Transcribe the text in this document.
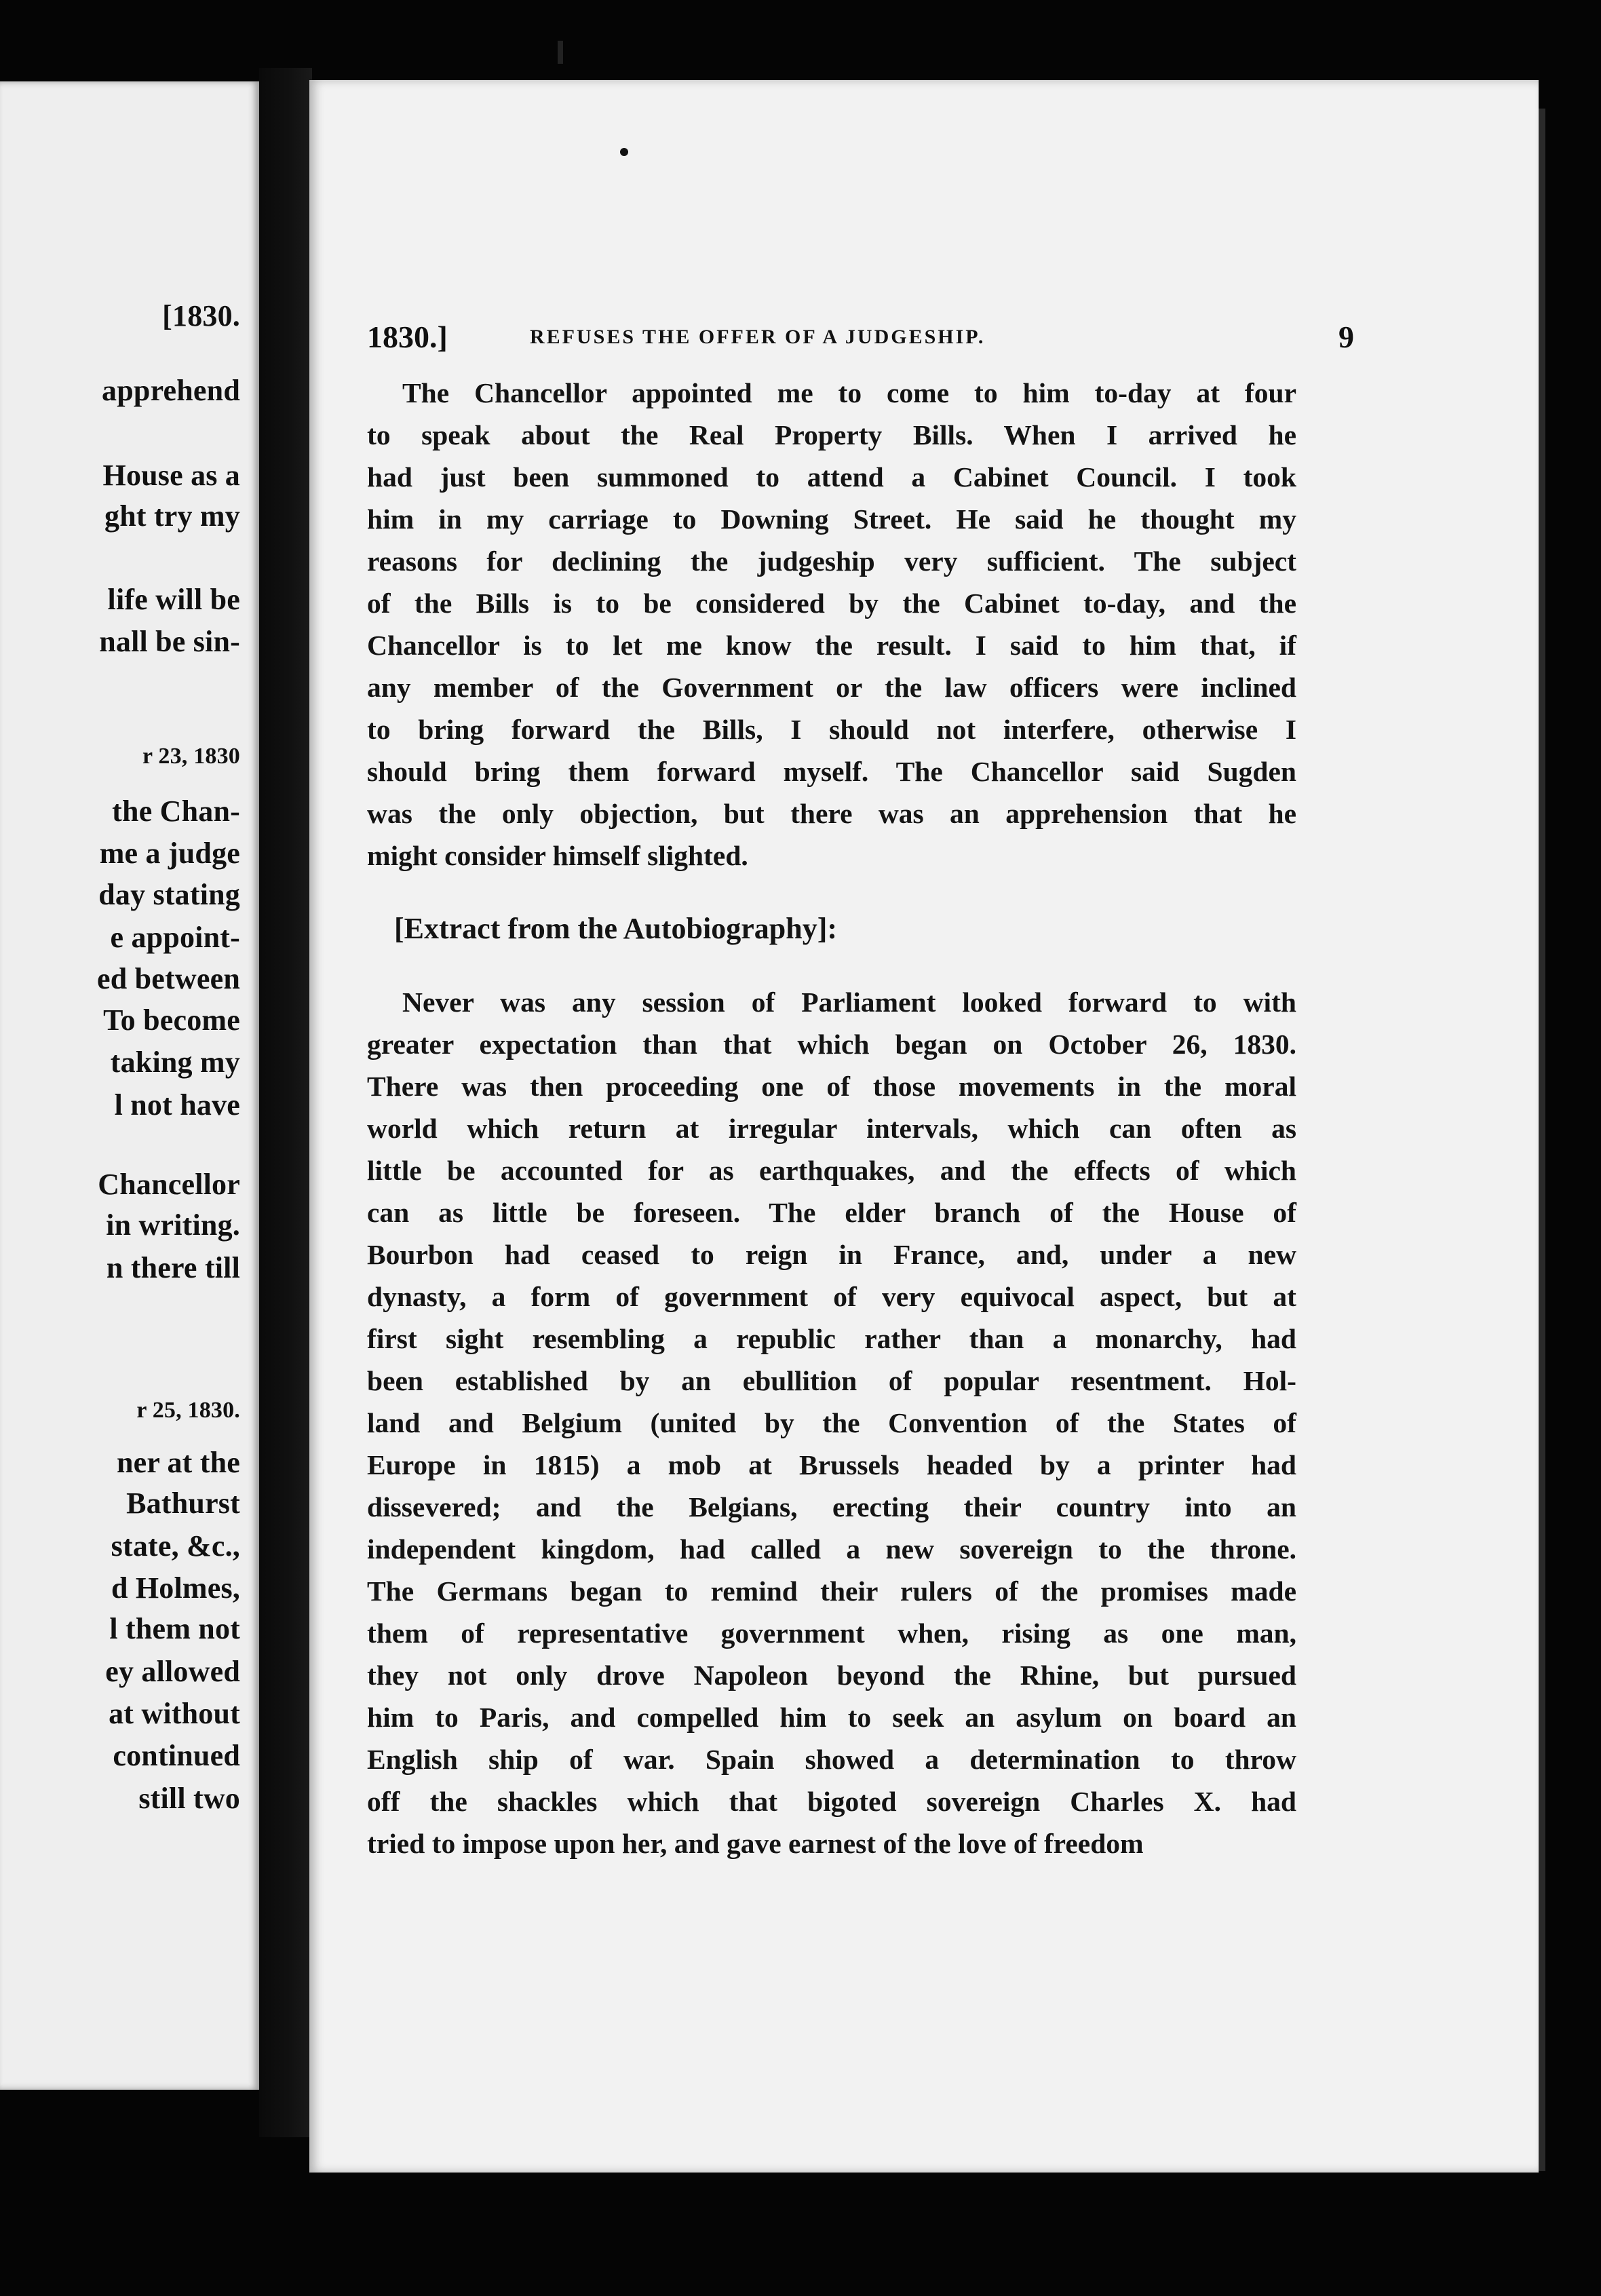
[1830.
apprehend
House as a
ght try my
life will be
nall be sin-
r 23, 1830
the Chan-
me a judge
day stating
e appoint-
ed between
To become
taking my
l not have
Chancellor
in writing.
n there till
r 25, 1830.
ner at the
Bathurst
state, &c.,
d Holmes,
l them not
ey allowed
at without
continued
still two
1830.]	REFUSES THE OFFER OF A JUDGESHIP.	9
The Chancellor appointed me to come to him to-day at four
to speak about the Real Property Bills. When I arrived he
had just been summoned to attend a Cabinet Council. I took
him in my carriage to Downing Street. He said he thought my
reasons for declining the judgeship very sufficient. The subject
of the Bills is to be considered by the Cabinet to-day, and the
Chancellor is to let me know the result. I said to him that, if
any member of the Government or the law officers were inclined
to bring forward the Bills, I should not interfere, otherwise I
should bring them forward myself. The Chancellor said Sugden
was the only objection, but there was an apprehension that he
might consider himself slighted.
[Extract from the Autobiography]:
Never was any session of Parliament looked forward to with
greater expectation than that which began on October 26, 1830.
There was then proceeding one of those movements in the moral
world which return at irregular intervals, which can often as
little be accounted for as earthquakes, and the effects of which
can as little be foreseen. The elder branch of the House of
Bourbon had ceased to reign in France, and, under a new
dynasty, a form of government of very equivocal aspect, but at
first sight resembling a republic rather than a monarchy, had
been established by an ebullition of popular resentment. Hol-
land and Belgium (united by the Convention of the States of
Europe in 1815) a mob at Brussels headed by a printer had
dissevered; and the Belgians, erecting their country into an
independent kingdom, had called a new sovereign to the throne.
The Germans began to remind their rulers of the promises made
them of representative government when, rising as one man,
they not only drove Napoleon beyond the Rhine, but pursued
him to Paris, and compelled him to seek an asylum on board an
English ship of war. Spain showed a determination to throw
off the shackles which that bigoted sovereign Charles X. had
tried to impose upon her, and gave earnest of the love of freedom
